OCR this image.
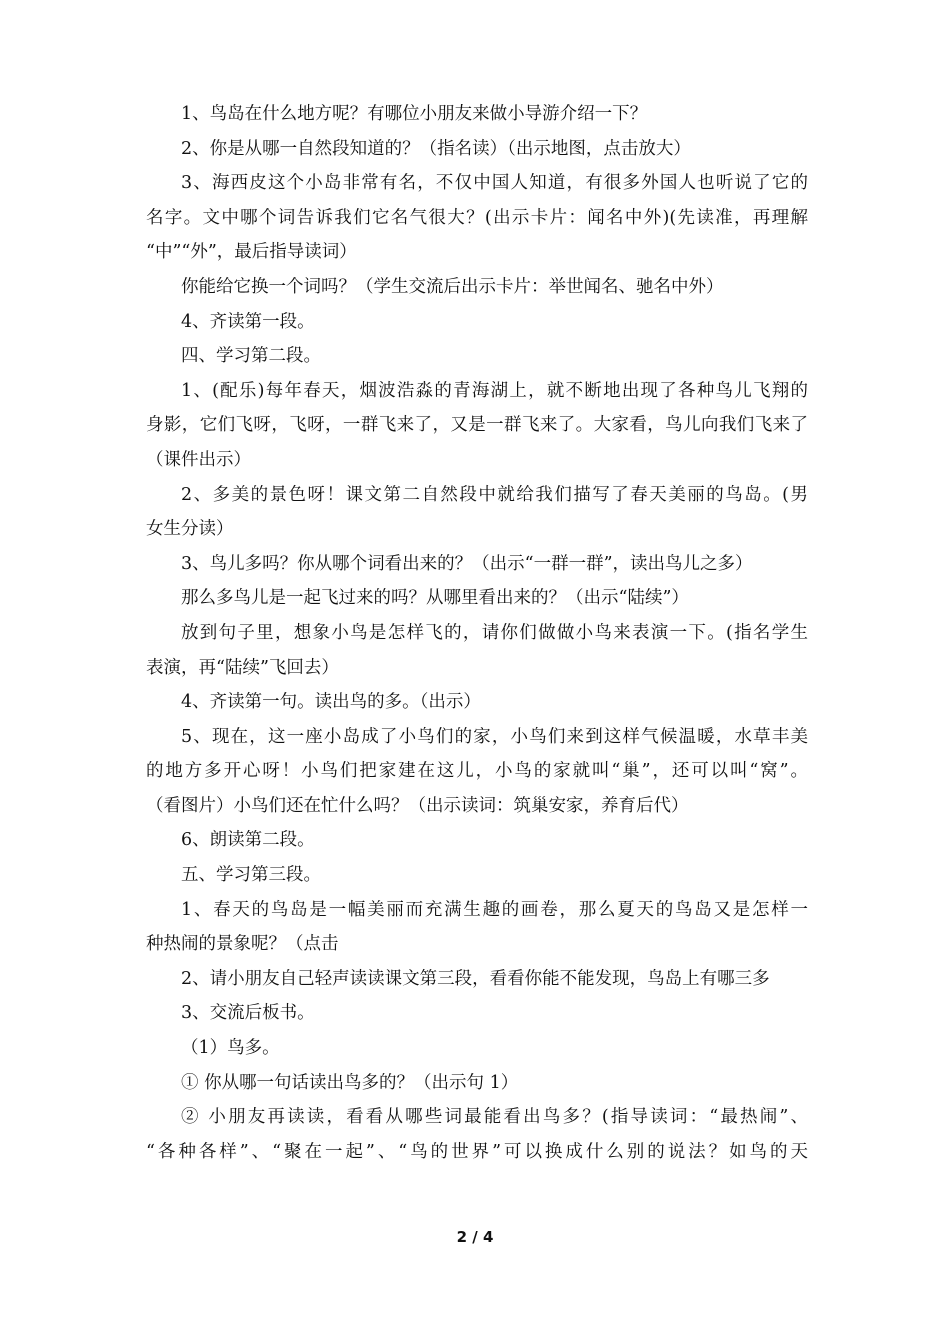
1、鸟岛在什么地方呢？有哪位小朋友来做小导游介绍一下？
2、你是从哪一自然段知道的？（指名读）（出示地图，点击放大）
3、海西皮这个小岛非常有名，不仅中国人知道，有很多外国人也听说了它的
名字。文中哪个词告诉我们它名气很大？(出示卡片：闻名中外)(先读准，再理解
“中”“外”，最后指导读词）
你能给它换一个词吗？（学生交流后出示卡片：举世闻名、驰名中外）
4、齐读第一段。
四、学习第二段。
1、(配乐)每年春天，烟波浩淼的青海湖上，就不断地出现了各种鸟儿飞翔的
身影，它们飞呀，飞呀，一群飞来了，又是一群飞来了。大家看，鸟儿向我们飞来了
（课件出示）
2、多美的景色呀！课文第二自然段中就给我们描写了春天美丽的鸟岛。(男
女生分读）
3、鸟儿多吗？你从哪个词看出来的？（出示“一群一群”，读出鸟儿之多）
那么多鸟儿是一起飞过来的吗？从哪里看出来的？（出示“陆续”）
放到句子里，想象小鸟是怎样飞的，请你们做做小鸟来表演一下。(指名学生
表演，再“陆续”飞回去）
4、齐读第一句。读出鸟的多。（出示）
5、现在，这一座小岛成了小鸟们的家，小鸟们来到这样气候温暖，水草丰美
的地方多开心呀！小鸟们把家建在这儿，小鸟的家就叫“巢”，还可以叫“窝”。
（看图片）小鸟们还在忙什么吗？（出示读词：筑巢安家，养育后代）
6、朗读第二段。
五、学习第三段。
1、春天的鸟岛是一幅美丽而充满生趣的画卷，那么夏天的鸟岛又是怎样一
种热闹的景象呢？（点击
2、请小朋友自己轻声读读课文第三段，看看你能不能发现，鸟岛上有哪三多
3、交流后板书。
（1）鸟多。
① 你从哪一句话读出鸟多的？（出示句 1）
② 小朋友再读读，看看从哪些词最能看出鸟多？(指导读词：“最热闹”、
“各种各样”、“聚在一起”、“鸟的世界”可以换成什么别的说法？如鸟的天
2 / 4
